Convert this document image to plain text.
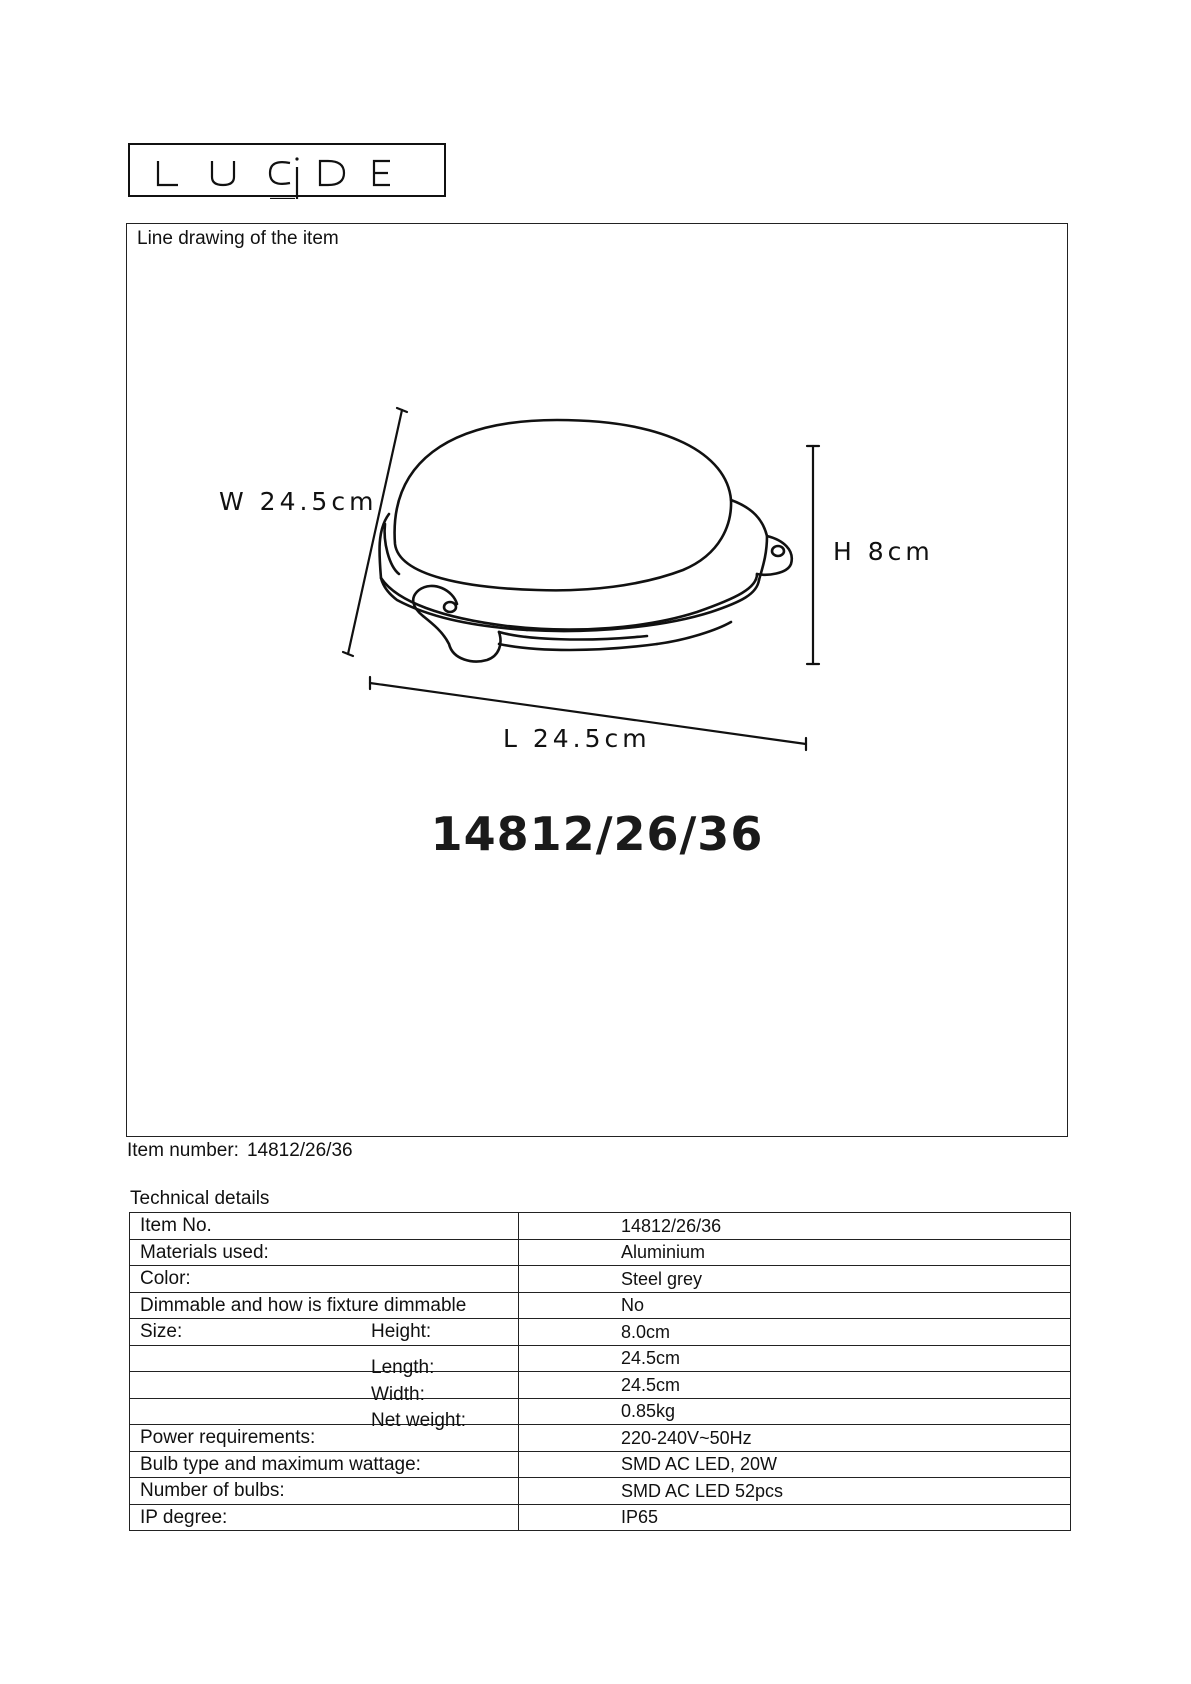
Line drawing of the item
W 24.5cm
H 8cm
L 24.5cm
14812/26/36
Item number: 14812/26/36
Technical details
Item No.	14812/26/36
Materials used:	Aluminium
Color:	Steel grey
Dimmable and how is fixture dimmable	No
Size: Height:	8.0cm

Length:	24.5cm

Width:	24.5cm

Net weight:	0.85kg
Power requirements:	220-240V~50Hz
Bulb type and maximum wattage:	SMD AC LED, 20W
Number of bulbs:	SMD AC LED 52pcs
IP degree:	IP65
